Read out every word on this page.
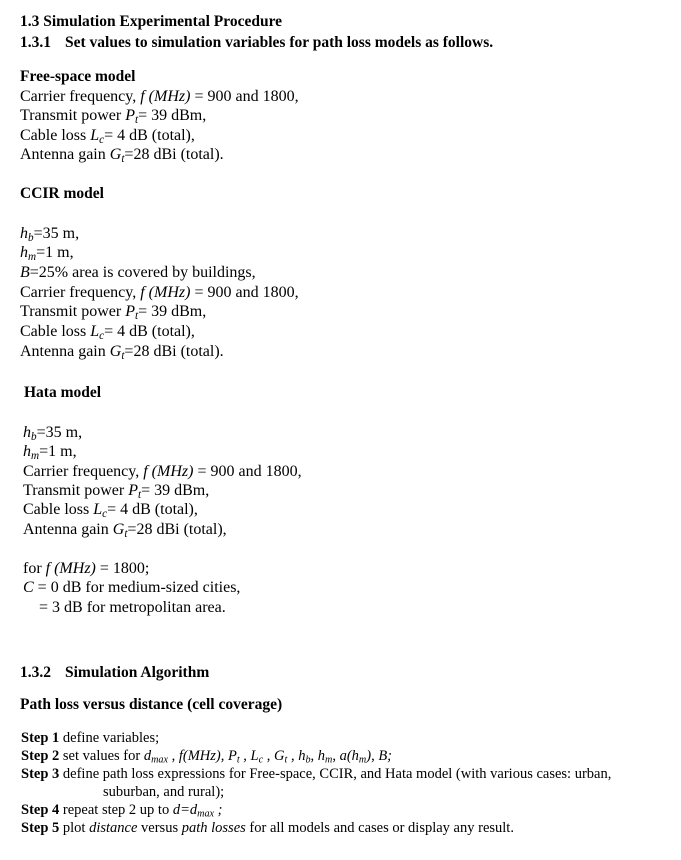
1.3 Simulation Experimental Procedure
1.3.1 Set values to simulation variables for path loss models as follows.
Free-space model
Carrier frequency, f (MHz) = 900 and 1800,
Transmit power $P_t= 39$ dBm,
Cable loss $L_c= 4$ dB (total),
Antenna gain $G_t=28$ dBi (total).
CCIR model
$h_b=35$ m,
$h_m=1$ m,
B=25% area is covered by buildings,
Carrier frequency, f (MHz) = 900 and 1800,
Transmit power $P_t= 39$ dBm,
Cable loss $L_c= 4$ dB (total),
Antenna gain $G_t=28$ dBi (total).
Hata model
$h_b=35$ m,
$h_m=1$ m,
Carrier frequency, f (MHz) = 900 and 1800,
Transmit power $P_t= 39$ dBm,
Cable loss $L_c= 4$ dB (total),
Antenna gain $G_t=28$ dBi (total),
for f (MHz) = 1800;
C = 0 dB for medium-sized cities,
= 3 dB for metropolitan area.
1.3.2 Simulation Algorithm
Path loss versus distance (cell coverage)
Step 1 define variables;
Step 2 set values for $d_{max}$ , f(MHz), $P_t$ , $L_c$ , $G_t$ , $h_b$, $h_m$, $a(h_m)$, B;
Step 3 define path loss expressions for Free-space, CCIR, and Hata model (with various cases: urban,
suburban, and rural);
Step 4 repeat step 2 up to $d=d_{max}$ ;
Step 5 plot distance versus path losses for all models and cases or display any result.
